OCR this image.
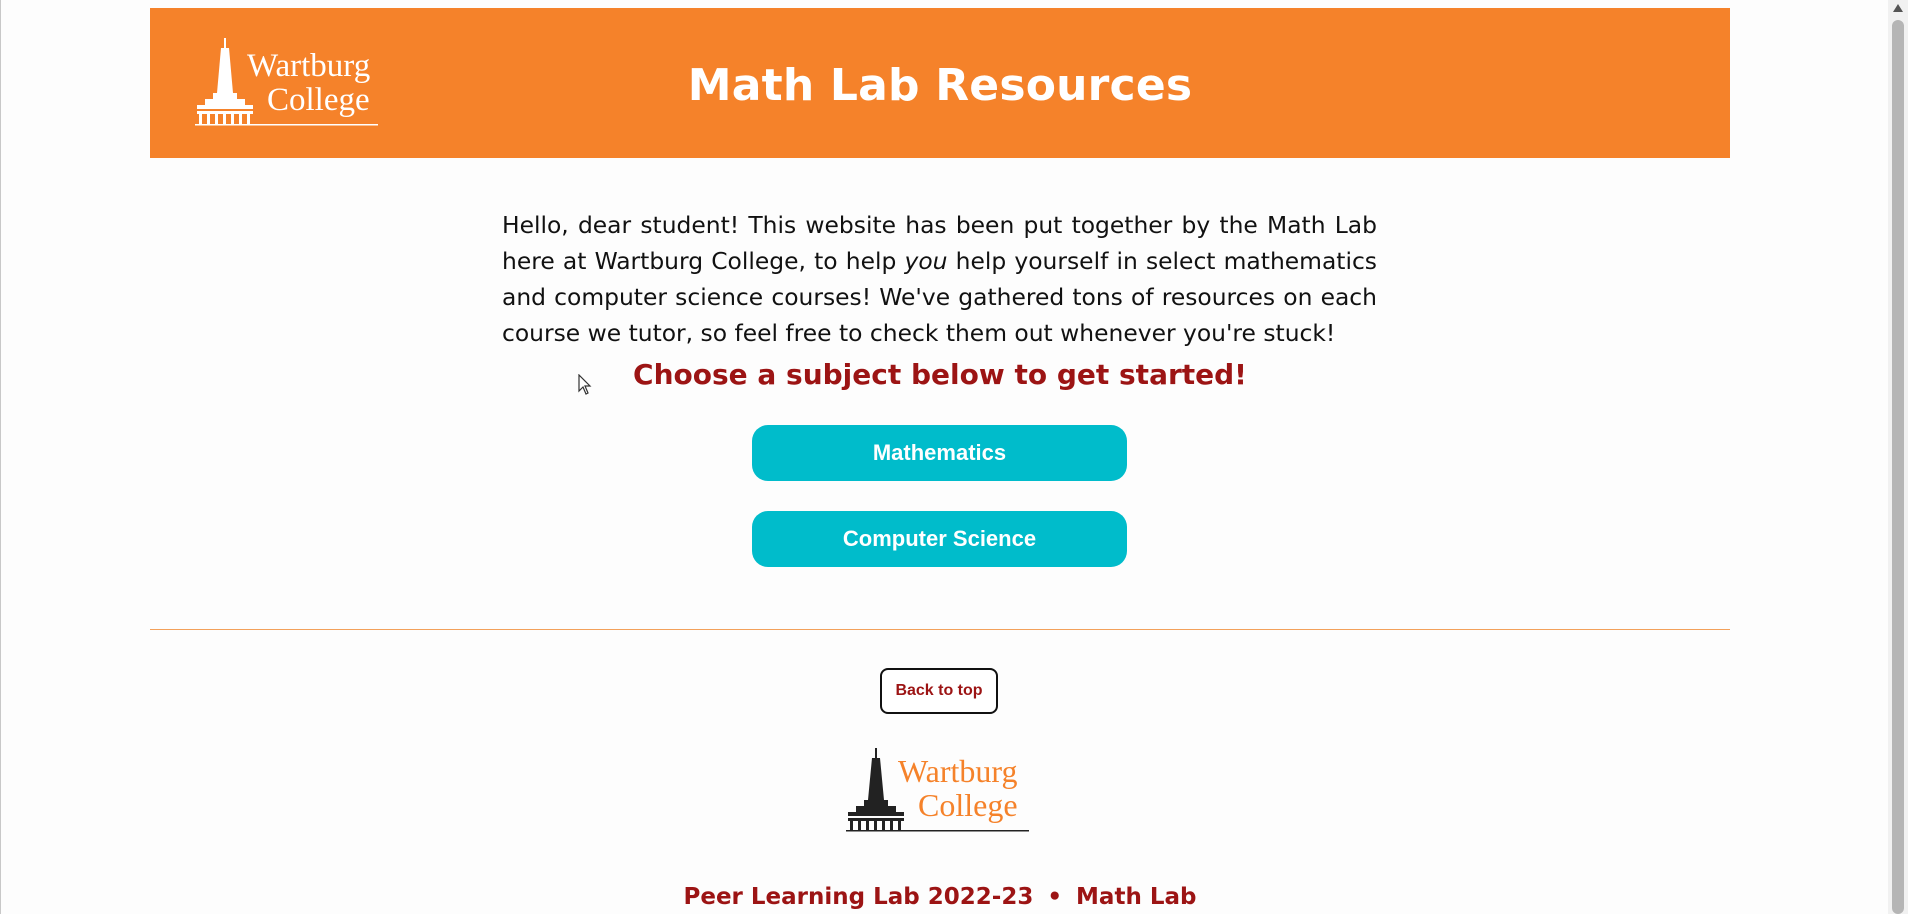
Wartburg
College	Math Lab Resources

Hello, dear student! This website has been put together by the Math Lab here at Wartburg College, to help you help yourself in select mathematics and computer science courses! We've gathered tons of resources on each course we tutor, so feel free to check them out whenever you're stuck!

Choose a subject below to get started!
Mathematics
Computer Science
Back to top
Wartburg
College
Peer Learning Lab 2022-23 • Math Lab
